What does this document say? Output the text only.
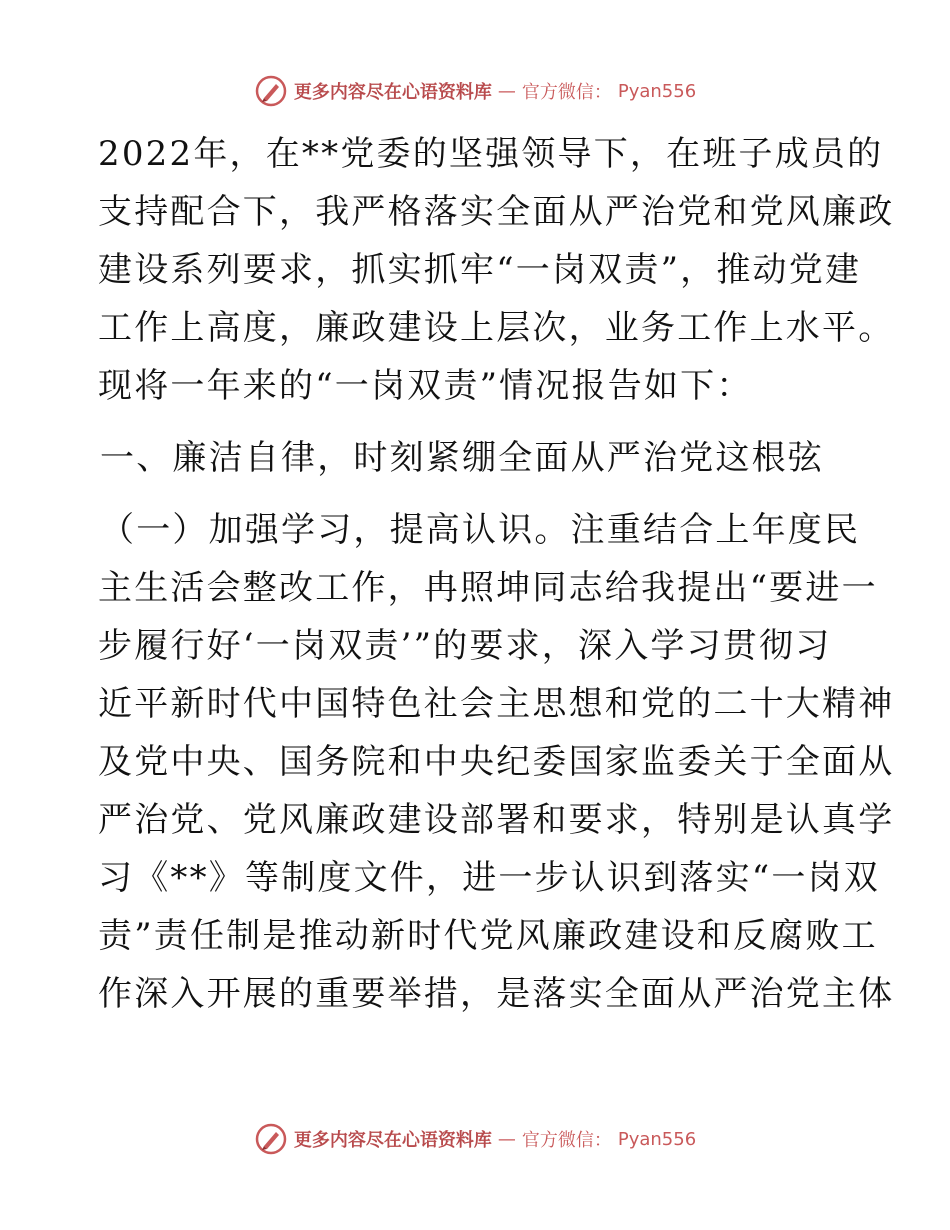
更多内容尽在心语资料库 — 官方微信： Pyan556
2022年，在**党委的坚强领导下，在班子成员的
支持配合下，我严格落实全面从严治党和党风廉政
建设系列要求，抓实抓牢“一岗双责”，推动党建
工作上高度，廉政建设上层次，业务工作上水平。
现将一年来的“一岗双责”情况报告如下：
一、廉洁自律，时刻紧绷全面从严治党这根弦
（一）加强学习，提高认识。注重结合上年度民
主生活会整改工作，冉照坤同志给我提出“要进一
步履行好‘一岗双责’”的要求，深入学习贯彻习
近平新时代中国特色社会主思想和党的二十大精神
及党中央、国务院和中央纪委国家监委关于全面从
严治党、党风廉政建设部署和要求，特别是认真学
习《**》等制度文件，进一步认识到落实“一岗双
责”责任制是推动新时代党风廉政建设和反腐败工
作深入开展的重要举措，是落实全面从严治党主体
更多内容尽在心语资料库 — 官方微信： Pyan556
